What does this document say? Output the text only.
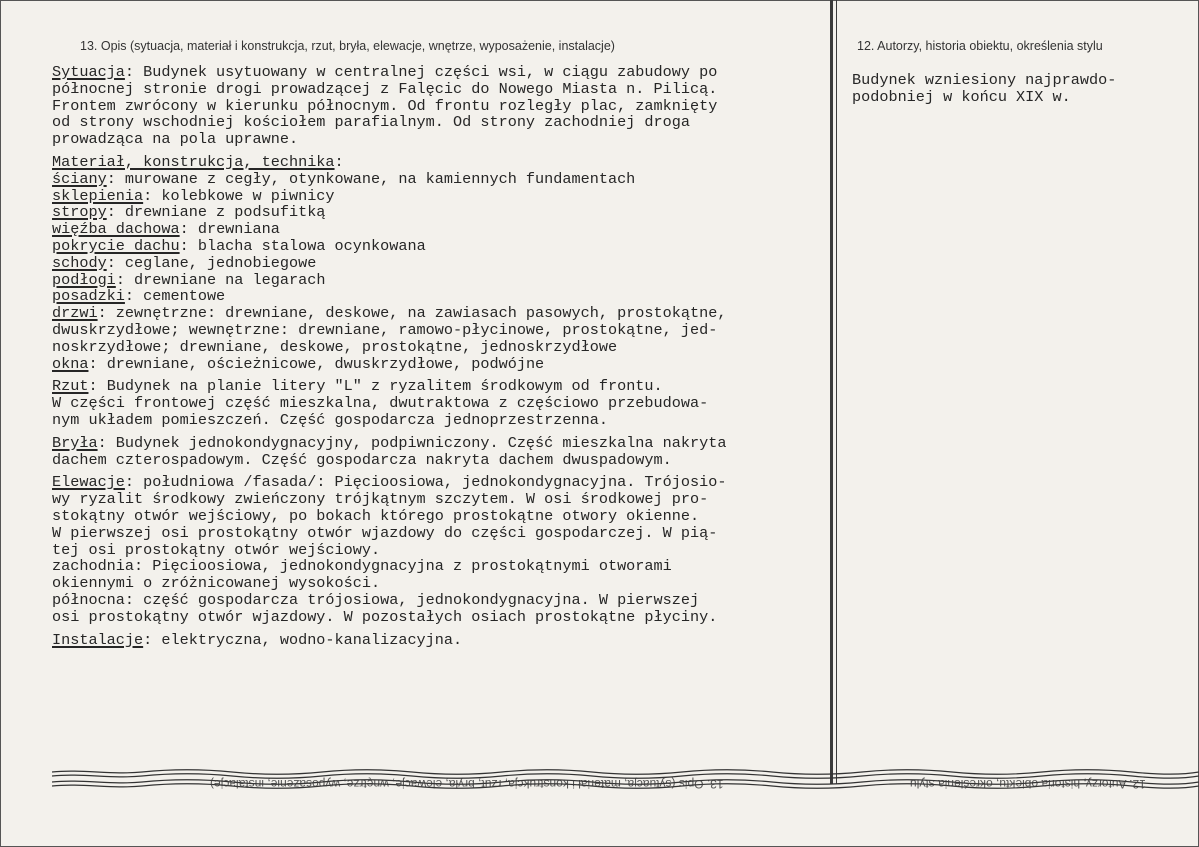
13. Opis (sytuacja, materiał i konstrukcja, rzut, bryła, elewacje, wnętrze, wyposażenie, instalacje)	12. Autorzy, historia obiektu, określenia stylu
Sytuacja: Budynek usytuowany w centralnej części wsi, w ciągu zabudowy po
północnej stronie drogi prowadzącej z Falęcic do Nowego Miasta n. Pilicą.
Frontem zwrócony w kierunku północnym. Od frontu rozległy plac, zamknięty
od strony wschodniej kościołem parafialnym. Od strony zachodniej droga
prowadząca na pola uprawne.
Materiał, konstrukcja, technika:
ściany: murowane z cegły, otynkowane, na kamiennych fundamentach
sklepienia: kolebkowe w piwnicy
stropy: drewniane z podsufitką
więźba dachowa: drewniana
pokrycie dachu: blacha stalowa ocynkowana
schody: ceglane, jednobiegowe
podłogi: drewniane na legarach
posadzki: cementowe
drzwi: zewnętrzne: drewniane, deskowe, na zawiasach pasowych, prostokątne,
dwuskrzydłowe; wewnętrzne: drewniane, ramowo-płycinowe, prostokątne, jed-
noskrzydłowe; drewniane, deskowe, prostokątne, jednoskrzydłowe
okna: drewniane, ościeżnicowe, dwuskrzydłowe, podwójne
Rzut: Budynek na planie litery "L" z ryzalitem środkowym od frontu.
W części frontowej część mieszkalna, dwutraktowa z częściowo przebudowa-
nym układem pomieszczeń. Część gospodarcza jednoprzestrzenna.
Bryła: Budynek jednokondygnacyjny, podpiwniczony. Część mieszkalna nakryta
dachem czterospadowym. Część gospodarcza nakryta dachem dwuspadowym.
Elewacje: południowa /fasada/: Pięcioosiowa, jednokondygnacyjna. Trójosio-
wy ryzalit środkowy zwieńczony trójkątnym szczytem. W osi środkowej pro-
stokątny otwór wejściowy, po bokach którego prostokątne otwory okienne.
W pierwszej osi prostokątny otwór wjazdowy do części gospodarczej. W pią-
tej osi prostokątny otwór wejściowy.
zachodnia: Pięcioosiowa, jednokondygnacyjna z prostokątnymi otworami
okiennymi o zróżnicowanej wysokości.
północna: część gospodarcza trójosiowa, jednokondygnacyjna. W pierwszej
osi prostokątny otwór wjazdowy. W pozostałych osiach prostokątne płyciny.
Instalacje: elektryczna, wodno-kanalizacyjna.
Budynek wzniesiony najprawdo-
podobniej w końcu XIX w.
13. Opis (sytuacja, materiał i konstrukcja, rzut, bryła, elewacje, wnętrze, wyposażenie, instalacje)	12. Autorzy, historia obiektu, określenia stylu
